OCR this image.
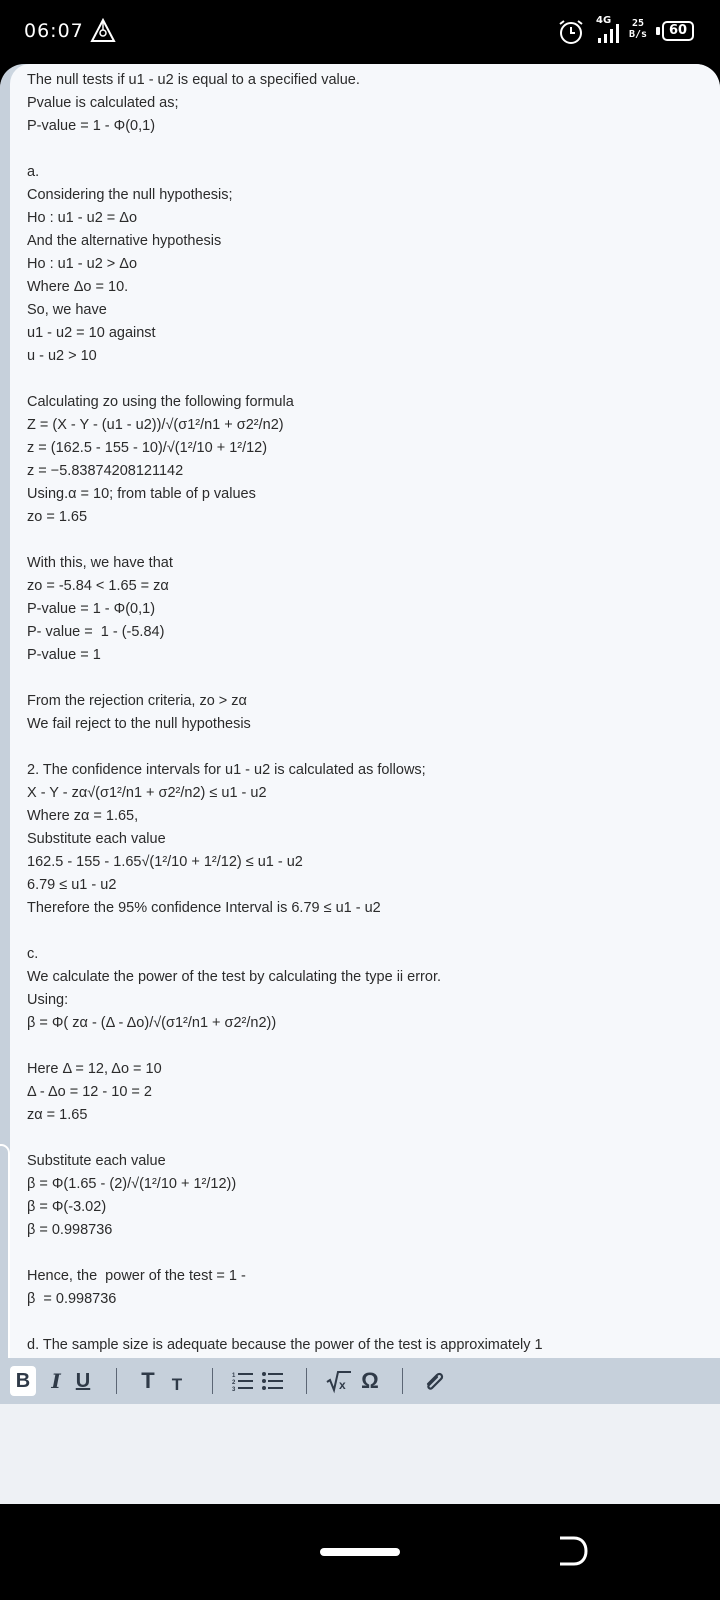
06:07	4G	25
B/s	60
The null tests if u1 - u2 is equal to a specified value.
Pvalue is calculated as;
P-value = 1 - Φ(0,1)
a.
Considering the null hypothesis;
Ho : u1 - u2 = Δo
And the alternative hypothesis
Ho : u1 - u2 > Δo
Where Δo = 10.
So, we have
u1 - u2 = 10 against
u - u2 > 10
Calculating zo using the following formula
Z = (X - Y - (u1 - u2))/√(σ1²/n1 + σ2²/n2)
z = (162.5 - 155 - 10)/√(1²/10 + 1²/12)
z = −5.83874208121142
Using.α = 10; from table of p values
zo = 1.65
With this, we have that
zo = -5.84 < 1.65 = zα
P-value = 1 - Φ(0,1)
P- value =  1 - (-5.84)
P-value = 1
From the rejection criteria, zo > zα
We fail reject to the null hypothesis
2. The confidence intervals for u1 - u2 is calculated as follows;
X - Y - zα√(σ1²/n1 + σ2²/n2) ≤ u1 - u2
Where zα = 1.65,
Substitute each value
162.5 - 155 - 1.65√(1²/10 + 1²/12) ≤ u1 - u2
6.79 ≤ u1 - u2
Therefore the 95% confidence Interval is 6.79 ≤ u1 - u2
c.
We calculate the power of the test by calculating the type ii error.
Using:
β = Φ( zα - (Δ - Δo)/√(σ1²/n1 + σ2²/n2))
Here Δ = 12, Δo = 10
Δ - Δo = 12 - 10 = 2
zα = 1.65
Substitute each value
β = Φ(1.65 - (2)/√(1²/10 + 1²/12))
β = Φ(-3.02)
β = 0.998736
Hence, the  power of the test = 1 -
β  = 0.998736
d. The sample size is adequate because the power of the test is approximately 1
B I U T	T	1
2
3	x Ω
